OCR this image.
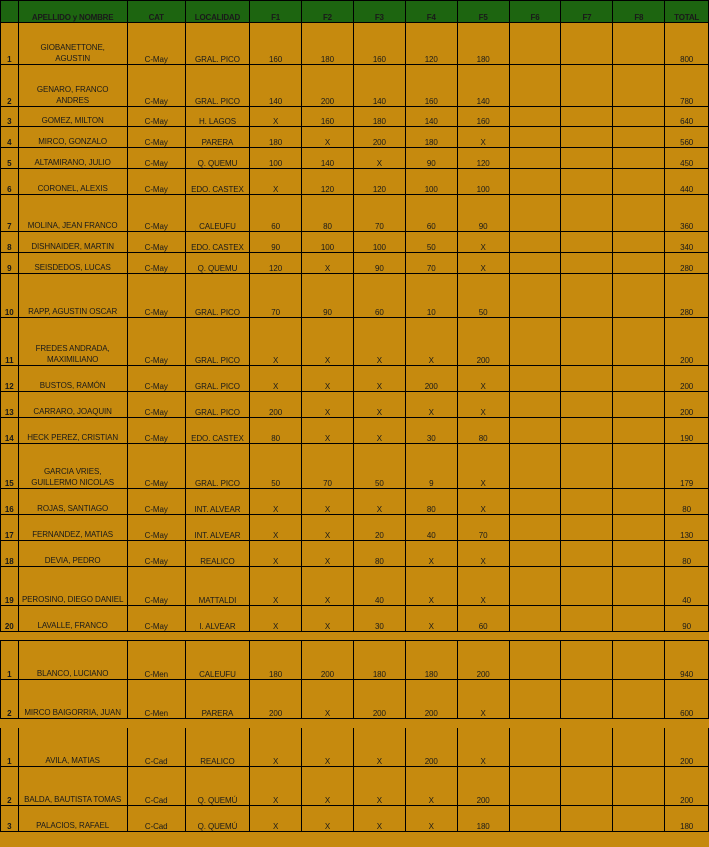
	APELLIDO y NOMBRE	CAT	LOCALIDAD	F1	F2	F3	F4	F5	F6	F7	F8	TOTAL
1	GIOBANETTONE,
AGUSTIN	C-May	GRAL. PICO	160	180	160	120	180				800
2	GENARO, FRANCO
ANDRES	C-May	GRAL. PICO	140	200	140	160	140				780
3	GOMEZ, MILTON	C-May	H. LAGOS	X	160	180	140	160				640
4	MIRCO, GONZALO	C-May	PARERA	180	X	200	180	X				560
5	ALTAMIRANO, JULIO	C-May	Q. QUEMU	100	140	X	90	120				450
6	CORONEL, ALEXIS	C-May	EDO. CASTEX	X	120	120	100	100				440
7	MOLINA, JEAN FRANCO	C-May	CALEUFU	60	80	70	60	90				360
8	DISHNAIDER, MARTIN	C-May	EDO. CASTEX	90	100	100	50	X				340
9	SEISDEDOS, LUCAS	C-May	Q. QUEMU	120	X	90	70	X				280
10	RAPP, AGUSTIN OSCAR	C-May	GRAL. PICO	70	90	60	10	50				280
11	FREDES ANDRADA,
MAXIMILIANO	C-May	GRAL. PICO	X	X	X	X	200				200
12	BUSTOS, RAMÓN	C-May	GRAL. PICO	X	X	X	200	X				200
13	CARRARO, JOAQUIN	C-May	GRAL. PICO	200	X	X	X	X				200
14	HECK PEREZ, CRISTIAN	C-May	EDO. CASTEX	80	X	X	30	80				190
15	GARCIA VRIES,
GUILLERMO NICOLAS	C-May	GRAL. PICO	50	70	50	9	X				179
16	ROJAS, SANTIAGO	C-May	INT. ALVEAR	X	X	X	80	X				80
17	FERNANDEZ, MATIAS	C-May	INT. ALVEAR	X	X	20	40	70				130
18	DEVIA, PEDRO	C-May	REALICO	X	X	80	X	X				80
19	PEROSINO, DIEGO DANIEL	C-May	MATTALDI	X	X	40	X	X				40
20	LAVALLE, FRANCO	C-May	I. ALVEAR	X	X	30	X	60				90

1	BLANCO, LUCIANO	C-Men	CALEUFU	180	200	180	180	200				940
2	MIRCO BAIGORRIA, JUAN	C-Men	PARERA	200	X	200	200	X				600

1	AVILA, MATIAS	C-Cad	REALICO	X	X	X	200	X				200
2	BALDA, BAUTISTA TOMAS	C-Cad	Q. QUEMÚ	X	X	X	X	200				200
3	PALACIOS, RAFAEL	C-Cad	Q. QUEMÚ	X	X	X	X	180				180
